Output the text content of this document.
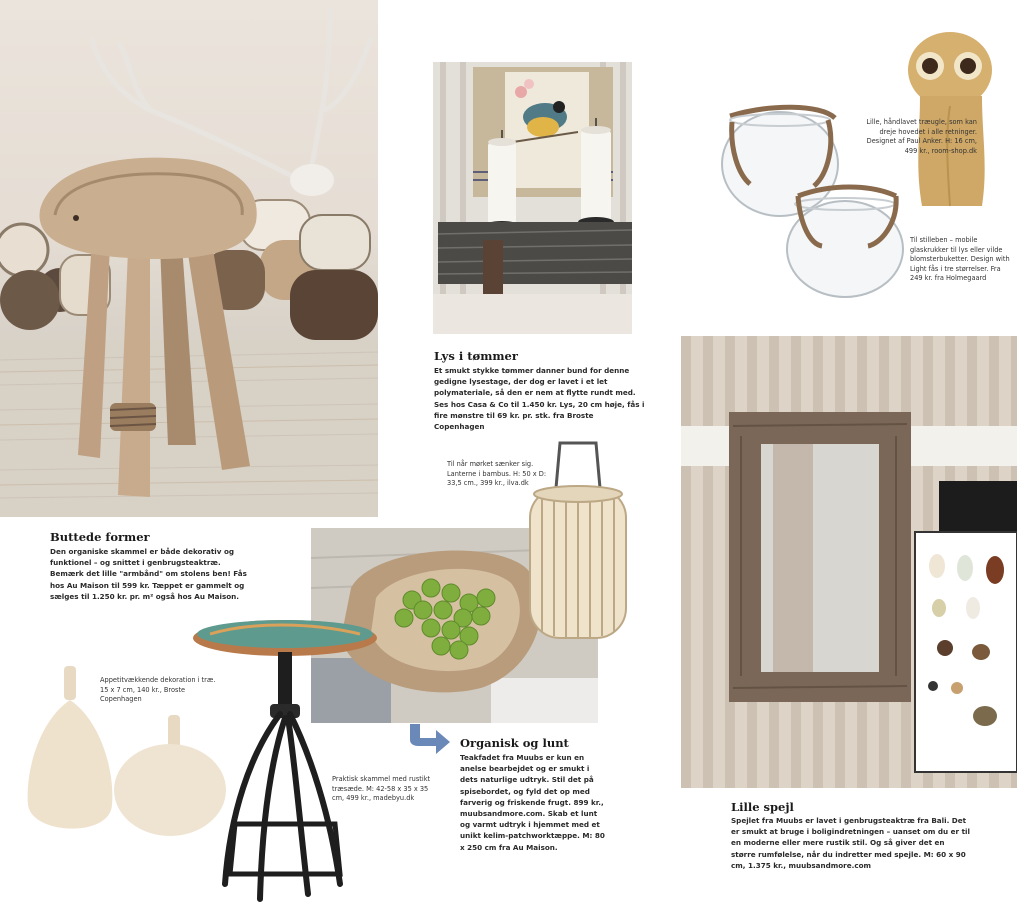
Buttede former
Den organiske skammel er både dekorativ og funktionel – og snittet i genbrugsteaktræ. Bemærk det lille "armbånd" om stolens ben! Fås hos Au Maison til 599 kr. Tæppet er gammelt og sælges til 1.250 kr. pr. m² også hos Au Maison.
Lys i tømmer
Et smukt stykke tømmer danner bund for denne gedigne lysestage, der dog er lavet i et let polymateriale, så den er nem at flytte rundt med. Ses hos Casa & Co til 1.450 kr. Lys, 20 cm høje, fås i fire mønstre til 69 kr. pr. stk. fra Broste Copenhagen
Organisk og lunt
Teakfadet fra Muubs er kun en anelse bearbejdet og er smukt i dets naturlige udtryk. Stil det på spisebordet, og fyld det op med farverig og friskende frugt. 899 kr., muubsandmore.com. Skab et lunt og varmt udtryk i hjemmet med et unikt kelim-patchworktæppe. M: 80 x 250 cm fra Au Maison.
Lille spejl
Spejlet fra Muubs er lavet i genbrugsteaktræ fra Bali. Det er smukt at bruge i boligindretningen – uanset om du er til en moderne eller mere rustik stil. Og så giver det en større rumfølelse, når du indretter med spejle. M: 60 x 90 cm, 1.375 kr., muubsandmore.com
Lille, håndlavet træugle, som kan dreje hovedet i alle retninger. Designet af Paul Anker. H: 16 cm, 499 kr., room-shop.dk
Til stilleben – mobile glaskrukker til lys eller vilde blomsterbuketter. Design with Light fås i tre størrelser. Fra 249 kr. fra Holmegaard
Til når mørket sænker sig. Lanterne i bambus. H: 50 x D: 33,5 cm., 399 kr., ilva.dk
Appetitvækkende dekoration i træ. 15 x 7 cm, 140 kr., Broste Copenhagen
Praktisk skammel med rustikt træsæde. M: 42-58 x 35 x 35 cm, 499 kr., madebyu.dk
